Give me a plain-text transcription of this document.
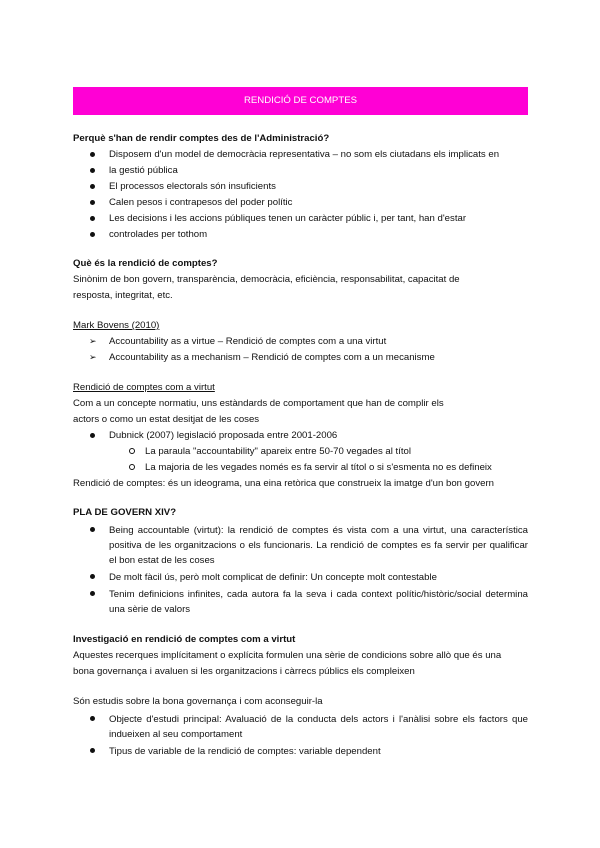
RENDICIÓ DE COMPTES

Perquè s'han de rendir comptes des de l'Administració?

Disposem d'un model de democràcia representativa – no som els ciutadans els implicats en
la gestió pública
El processos electorals són insuficients
Calen pesos i contrapesos del poder polític
Les decisions i les accions públiques tenen un caràcter públic i, per tant, han d'estar
controlades per tothom

Què és la rendició de comptes?

Sinònim de bon govern, transparència, democràcia, eficiència, responsabilitat, capacitat de

resposta, integritat, etc.

Mark Bovens (2010)

➢ Accountability as a virtue – Rendició de comptes com a una virtut
➢ Accountability as a mechanism – Rendició de comptes com a un mecanisme

Rendició de comptes com a virtut

Com a un concepte normatiu, uns estàndards de comportament que han de complir els

actors o como un estat desitjat de les coses

Dubnick (2007) legislació proposada entre 2001-2006
La paraula "accountability" apareix entre 50-70 vegades al títol
La majoria de les vegades només es fa servir al títol o si s'esmenta no es defineix

Rendició de comptes: és un ideograma, una eina retòrica que construeix la imatge d'un bon govern

PLA DE GOVERN XIV?

Being accountable (virtut): la rendició de comptes és vista com a una virtut, una característica positiva de les organitzacions o els funcionaris. La rendició de comptes es fa servir per qualificar el bon estat de les coses
De molt fàcil ús, però molt complicat de definir: Un concepte molt contestable
Tenim definicions infinites, cada autora fa la seva i cada context polític/històric/social determina una sèrie de valors

Investigació en rendició de comptes com a virtut

Aquestes recerques implícitament o explícita formulen una sèrie de condicions sobre allò que és una

bona governança i avaluen si les organitzacions i càrrecs públics els compleixen

Són estudis sobre la bona governança i com aconseguir-la

Objecte d'estudi principal: Avaluació de la conducta dels actors i l'anàlisi sobre els factors que indueixen al seu comportament
Tipus de variable de la rendició de comptes: variable dependent
